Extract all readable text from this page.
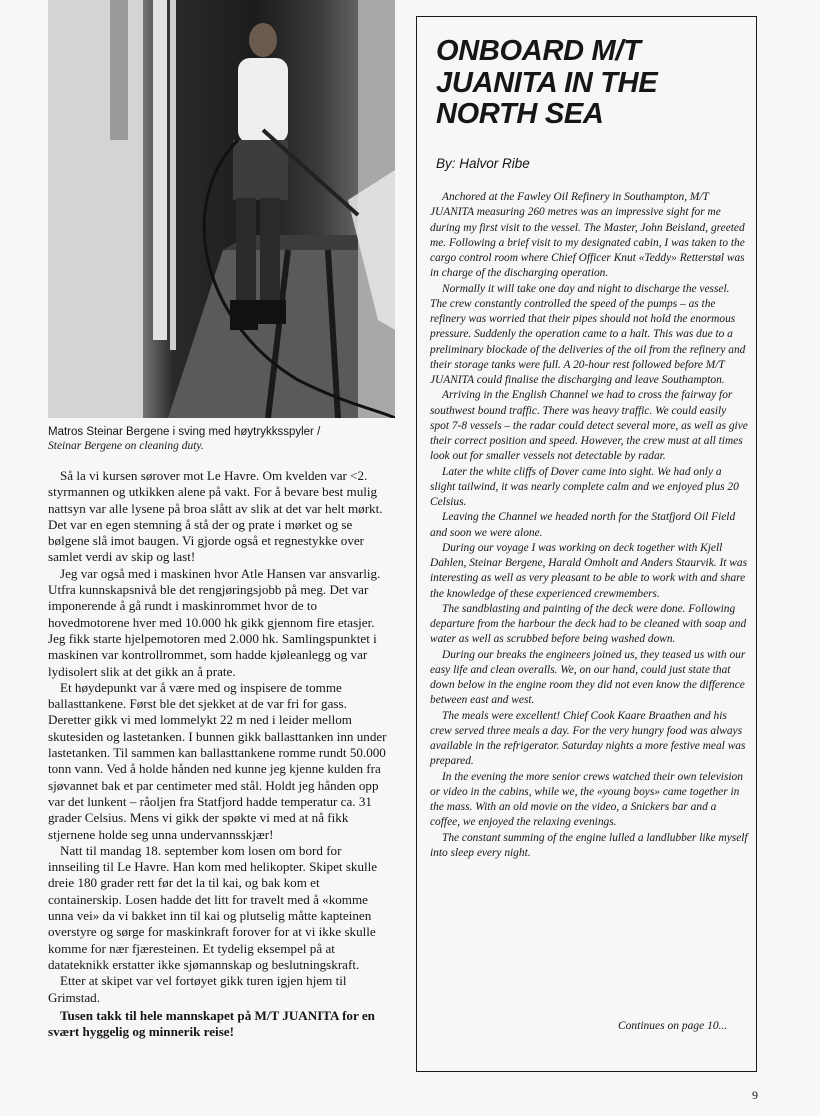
Matros Steinar Bergene i sving med høytrykksspyler /
Steinar Bergene on cleaning duty.

Så la vi kursen sørover mot Le Havre. Om kvelden var <2. styrmannen og utkikken alene på vakt. For å bevare best mulig nattsyn var alle lysene på broa slått av slik at det var helt mørkt. Det var en egen stemning å stå der og prate i mørket og se bølgene slå imot baugen. Vi gjorde også et regnestykke over samlet verdi av skip og last!

Jeg var også med i maskinen hvor Atle Hansen var ansvarlig. Utfra kunnskapsnivå ble det rengjøringsjobb på meg. Det var imponerende å gå rundt i maskinrommet hvor de to hovedmotorene hver med 10.000 hk gikk gjennom fire etasjer. Jeg fikk starte hjelpemotoren med 2.000 hk. Samlingspunktet i maskinen var kontrollrommet, som hadde kjøleanlegg og var lydisolert slik at det gikk an å prate.

Et høydepunkt var å være med og inspisere de tomme ballasttankene. Først ble det sjekket at de var fri for gass. Deretter gikk vi med lommelykt 22 m ned i leider mellom skutesiden og lastetanken. I bunnen gikk ballasttanken inn under lastetanken. Til sammen kan ballasttankene romme rundt 50.000 tonn vann. Ved å holde hånden ned kunne jeg kjenne kulden fra sjøvannet bak et par centimeter med stål. Holdt jeg hånden opp var det lunkent – råoljen fra Statfjord hadde temperatur ca. 31 grader Celsius. Mens vi gikk der spøkte vi med at nå fikk stjernene holde seg unna undervannsskjær!

Natt til mandag 18. september kom losen om bord for innseiling til Le Havre. Han kom med helikopter. Skipet skulle dreie 180 grader rett før det la til kai, og bak kom et containerskip. Losen hadde det litt for travelt med å «komme unna vei» da vi bakket inn til kai og plutselig måtte kapteinen overstyre og sørge for maskinkraft forover for at vi ikke skulle komme for nær fjæresteinen. Et tydelig eksempel på at datateknikk erstatter ikke sjømannskap og beslutningskraft.

Etter at skipet var vel fortøyet gikk turen igjen hjem til Grimstad.

Tusen takk til hele mannskapet på M/T JUANITA for en svært hyggelig og minnerik reise!

ONBOARD M/T JUANITA IN THE NORTH SEA
By: Halvor Ribe

Anchored at the Fawley Oil Refinery in Southampton, M/T JUANITA measuring 260 metres was an impressive sight for me during my first visit to the vessel. The Master, John Beisland, greeted me. Following a brief visit to my designated cabin, I was taken to the cargo control room where Chief Officer Knut «Teddy» Retterstøl was in charge of the discharging operation.

Normally it will take one day and night to discharge the vessel. The crew constantly controlled the speed of the pumps – as the refinery was worried that their pipes should not hold the enormous pressure. Suddenly the operation came to a halt. This was due to a preliminary blockade of the deliveries of the oil from the refinery and their storage tanks were full. A 20-hour rest followed before M/T JUANITA could finalise the discharging and leave Southampton.

Arriving in the English Channel we had to cross the fairway for southwest bound traffic. There was heavy traffic. We could easily spot 7-8 vessels – the radar could detect several more, as well as give their correct position and speed. However, the crew must at all times look out for smaller vessels not detectable by radar.

Later the white cliffs of Dover came into sight. We had only a slight tailwind, it was nearly complete calm and we enjoyed plus 20 Celsius.

Leaving the Channel we headed north for the Statfjord Oil Field and soon we were alone.

During our voyage I was working on deck together with Kjell Dahlen, Steinar Bergene, Harald Omholt and Anders Staurvik. It was interesting as well as very pleasant to be able to work with and share the knowledge of these experienced crewmembers.

The sandblasting and painting of the deck were done. Following departure from the harbour the deck had to be cleaned with soap and water as well as scrubbed before being washed down.

During our breaks the engineers joined us, they teased us with our easy life and clean overalls. We, on our hand, could just state that down below in the engine room they did not even know the difference between east and west.

The meals were excellent! Chief Cook Kaare Braathen and his crew served three meals a day. For the very hungry food was always available in the refrigerator. Saturday nights a more festive meal was prepared.

In the evening the more senior crews watched their own television or video in the cabins, while we, the «young boys» came together in the mass. With an old movie on the video, a Snickers bar and a coffee, we enjoyed the relaxing evenings.

The constant summing of the engine lulled a landlubber like myself into sleep every night.

Continues on page 10...
9
